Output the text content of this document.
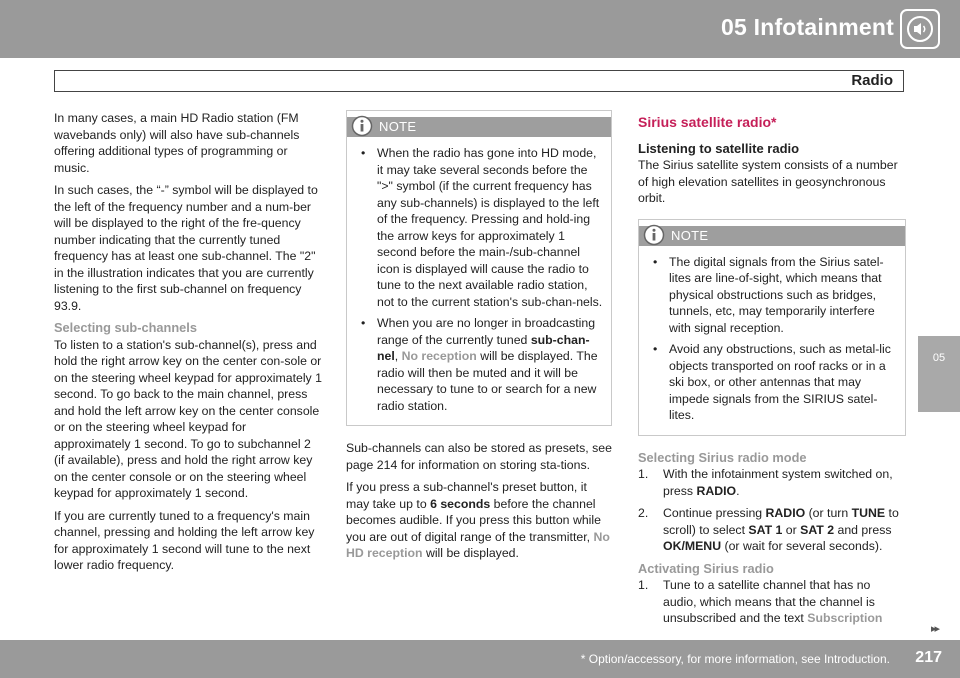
05 Infotainment
Radio
05

In many cases, a main HD Radio station (FM wavebands only) will also have sub-channels offering additional types of programming or music.

In such cases, the “-” symbol will be displayed to the left of the frequency number and a num-ber will be displayed to the right of the fre-quency number indicating that the currently tuned frequency has at least one sub-channel. The "2" in the illustration indicates that you are currently listening to the first sub-channel on frequency 93.9.

Selecting sub-channels

To listen to a station's sub-channel(s), press and hold the right arrow key on the center con-sole or on the steering wheel keypad for approximately 1 second. To go back to the main channel, press and hold the left arrow key on the center console or on the steering wheel keypad for approximately 1 second. To go to subchannel 2 (if available), press and hold the right arrow key on the center console or on the steering wheel keypad for approximately 1 second.

If you are currently tuned to a frequency's main channel, pressing and holding the left arrow key for approximately 1 second will tune to the next lower radio frequency.

NOTE
• When the radio has gone into HD mode, it may take several seconds before the ">" symbol (if the current frequency has any sub-channels) is displayed to the left of the frequency. Pressing and hold-ing the arrow keys for approximately 1 second before the main-/sub-channel icon is displayed will cause the radio to tune to the next available radio station, not to the current station's sub-chan-nels.
• When you are no longer in broadcasting range of the currently tuned sub-chan-nel, No reception will be displayed. The radio will then be muted and it will be necessary to tune to or search for a new radio station.

Sub-channels can also be stored as presets, see page 214 for information on storing sta-tions.

If you press a sub-channel's preset button, it may take up to 6 seconds before the channel becomes audible. If you press this button while you are out of digital range of the transmitter, No HD reception will be displayed.

Sirius satellite radio*
Listening to satellite radio

The Sirius satellite system consists of a number of high elevation satellites in geosynchronous orbit.

NOTE
• The digital signals from the Sirius satel-lites are line-of-sight, which means that physical obstructions such as bridges, tunnels, etc, may temporarily interfere with signal reception.
• Avoid any obstructions, such as metal-lic objects transported on roof racks or in a ski box, or other antennas that may impede signals from the SIRIUS satel-lites.
Selecting Sirius radio mode
1. With the infotainment system switched on, press RADIO.
2. Continue pressing RADIO (or turn TUNE to scroll) to select SAT 1 or SAT 2 and press OK/MENU (or wait for several seconds).
Activating Sirius radio
1. Tune to a satellite channel that has no audio, which means that the channel is unsubscribed and the text Subscription
▸▸
* Option/accessory, for more information, see Introduction. 217
